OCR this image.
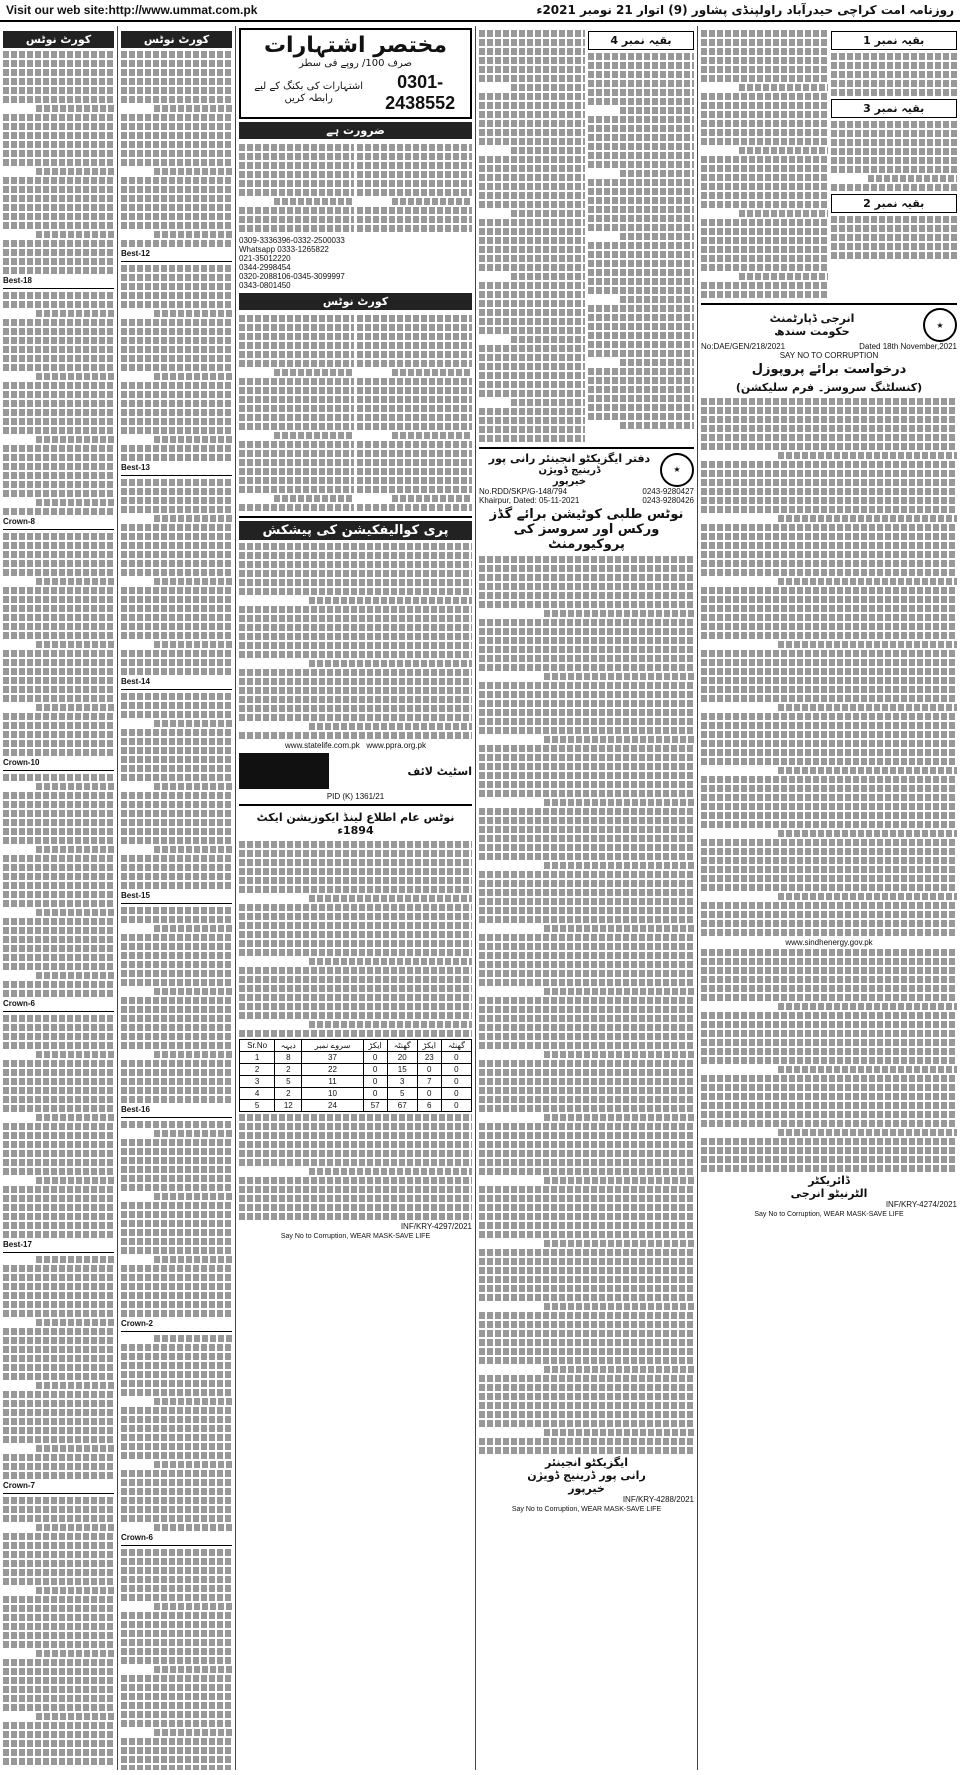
Visit our web site:http://www.ummat.com.pk	روزنامہ امت کراچی حیدرآباد راولپنڈی پشاور (9) اتوار 21 نومبر 2021ء
کورٹ نوٹس
Best-18
Crown-8
Crown-10
Crown-6
Best-17
Crown-7
کورٹ نوٹس
Best-12
Best-13
Best-14
Best-15
Best-16
Crown-2
Crown-6
مختصر اشتہارات
صرف 100/ روپے فی سطر
0301-2438552
اشتہارات کی بکنگ کے لیے رابطہ کریں
ضرورت ہے
0309-3336396-0332-2500033
Whatsapp 0333-1265822
021-35012220
0344-2998454
0320-2088106-0345-3099997
0343-0801450
کورٹ نوٹس
پری کوالیفکیشن کی پیشکش
www.statelife.com.pk www.ppra.org.pk
اسٹیٹ لائف
PID (K) 1361/21
نوٹس عام اطلاع لینڈ ایکوزیشن ایکٹ 1894ء
Sr.No	دیہہ	سروے نمبر	ایکڑ	گھنٹہ	ایکڑ	گھنٹہ
1	8	37	0	20	23	0
2	2	22	0	15	0	0
3	5	11	0	3	7	0
4	2	10	0	5	0	0
5	12	24	57	67	6	0
INF/KRY-4297/2021
Say No to Corruption, WEAR MASK-SAVE LIFE
بقیہ نمبر 4
دفتر ایگزیکٹو انجینئر رانی پور
ڈرینیج ڈویژن
خیرپور
★
No.RDD/SKP/G-148/794	0243-9280427
Khairpur, Dated: 05-11-2021	0243-9280426
نوٹس طلبی کوٹیشن برائے گڈز ورکس اور سروسز کی پروکیورمنٹ
ایگزیکٹو انجینئر
رانی پور ڈرینیج ڈویژن
خیرپور
INF/KRY-4288/2021
Say No to Corruption, WEAR MASK-SAVE LIFE
بقیہ نمبر 1
بقیہ نمبر 3
بقیہ نمبر 2
انرجی ڈپارٹمنٹ
حکومت سندھ	★
No:DAE/GEN/218/2021	Dated 18th November,2021
SAY NO TO CORRUPTION
درخواست برائے پروپوزل
(کنسلٹنگ سروسز۔ فرم سلیکشن)
www.sindhenergy.gov.pk
ڈائریکٹر
الٹرنیٹو انرجی
INF/KRY-4274/2021
Say No to Corruption, WEAR MASK-SAVE LIFE
